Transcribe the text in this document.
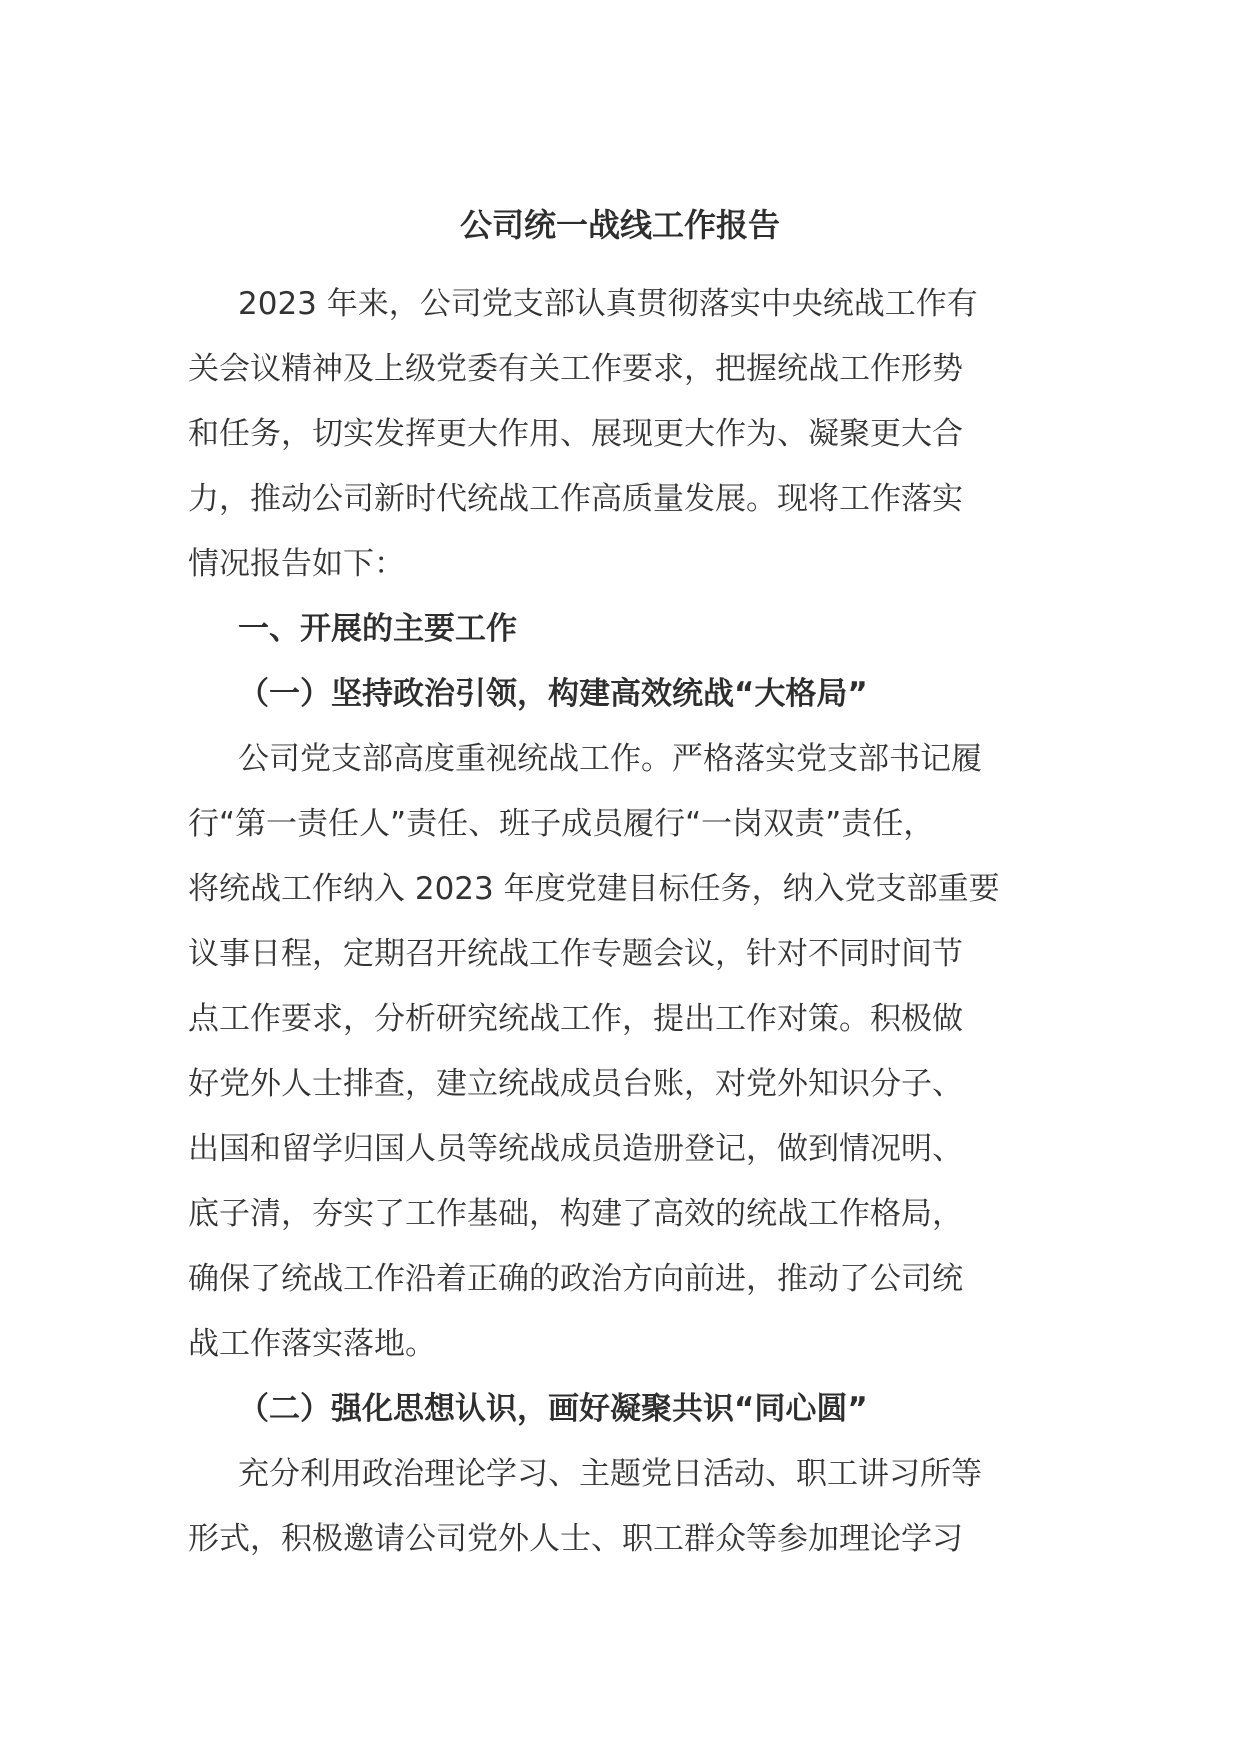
公司统一战线工作报告
2023 年来，公司党支部认真贯彻落实中央统战工作有
关会议精神及上级党委有关工作要求，把握统战工作形势
和任务，切实发挥更大作用、展现更大作为、凝聚更大合
力，推动公司新时代统战工作高质量发展。现将工作落实
情况报告如下：
一、开展的主要工作
（一）坚持政治引领，构建高效统战“大格局”
公司党支部高度重视统战工作。严格落实党支部书记履
行“第一责任人”责任、班子成员履行“一岗双责”责任，
将统战工作纳入 2023 年度党建目标任务，纳入党支部重要
议事日程，定期召开统战工作专题会议，针对不同时间节
点工作要求，分析研究统战工作，提出工作对策。积极做
好党外人士排查，建立统战成员台账，对党外知识分子、
出国和留学归国人员等统战成员造册登记，做到情况明、
底子清，夯实了工作基础，构建了高效的统战工作格局，
确保了统战工作沿着正确的政治方向前进，推动了公司统
战工作落实落地。
（二）强化思想认识，画好凝聚共识“同心圆”
充分利用政治理论学习、主题党日活动、职工讲习所等
形式，积极邀请公司党外人士、职工群众等参加理论学习
